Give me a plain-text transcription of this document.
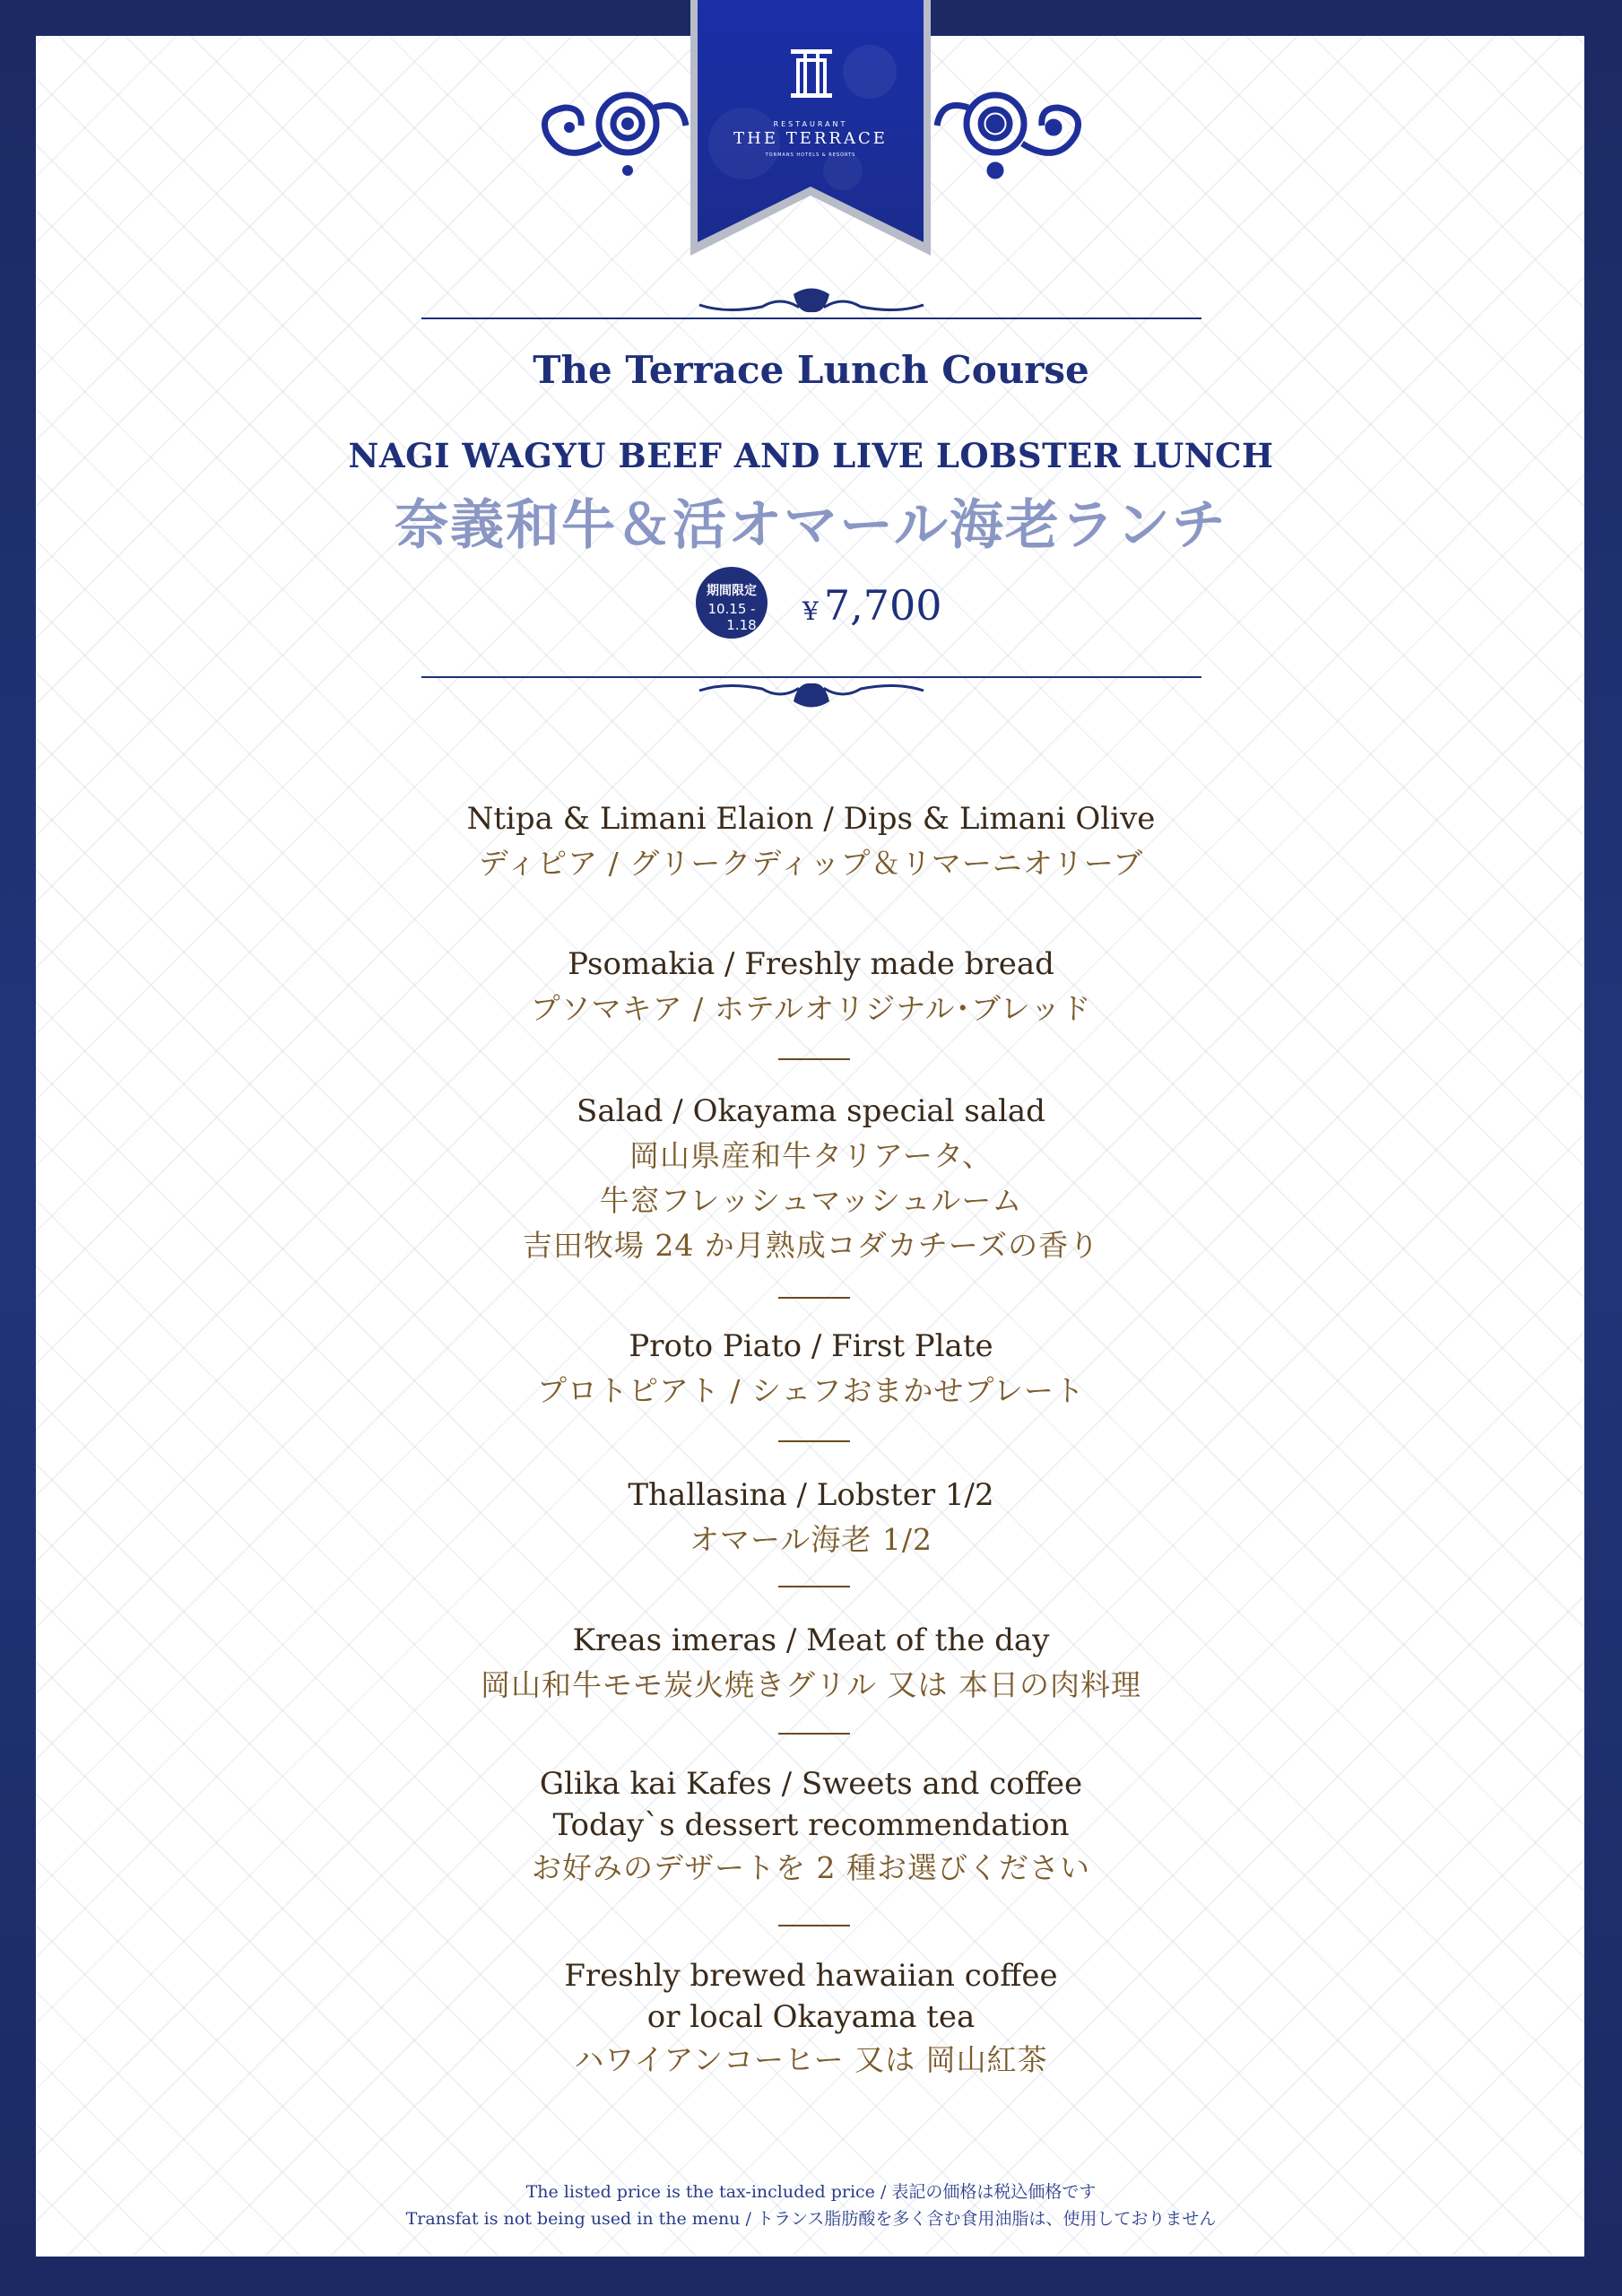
RESTAURANT
THE TERRACE
TORMANS HOTELS & RESORTS
The Terrace Lunch Course
NAGI WAGYU BEEF AND LIVE LOBSTER LUNCH
奈義和牛＆活オマール海老ランチ
期間限定
10.15 -
1.18	¥ 7,700
Ntipa & Limani Elaion / Dips & Limani Olive
ディピア / グリークディップ＆リマーニオリーブ
Psomakia / Freshly made bread
プソマキア / ホテルオリジナル･ブレッド
Salad / Okayama special salad
岡山県産和牛タリアータ、
牛窓フレッシュマッシュルーム
吉田牧場 24 か月熟成コダカチーズの香り
Proto Piato / First Plate
プロトピアト / シェフおまかせプレート
Thallasina / Lobster 1/2
オマール海老 1/2
Kreas imeras / Meat of the day
岡山和牛モモ炭火焼きグリル 又は 本日の肉料理
Glika kai Kafes / Sweets and coffee
Today`s dessert recommendation
お好みのデザートを 2 種お選びください
Freshly brewed hawaiian coffee
or local Okayama tea
ハワイアンコーヒー 又は 岡山紅茶
The listed price is the tax-included price / 表記の価格は税込価格です
Transfat is not being used in the menu / トランス脂肪酸を多く含む食用油脂は、使用しておりません
